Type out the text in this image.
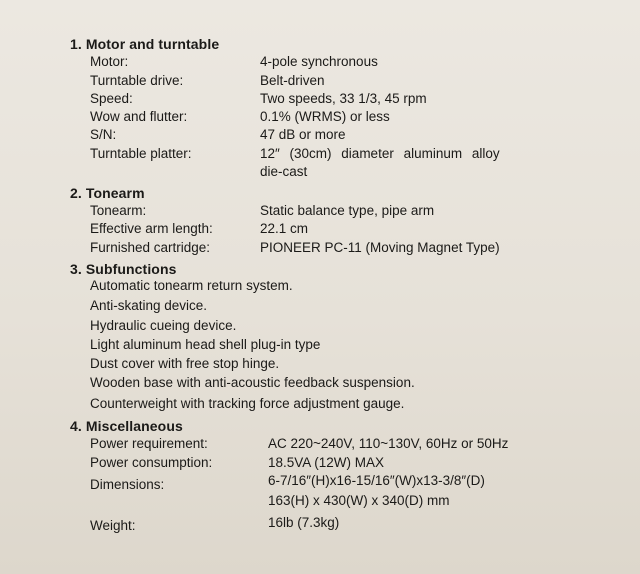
1. Motor and turntable
Motor:	4-pole synchronous
Turntable drive:	Belt-driven
Speed:	Two speeds, 33 1/3, 45 rpm
Wow and flutter:	0.1% (WRMS) or less
S/N:	47 dB or more
Turntable platter:	12″ (30cm) diameter aluminum alloy
die-cast
2. Tonearm
Tonearm:	Static balance type, pipe arm
Effective arm length:	22.1 cm
Furnished cartridge:	PIONEER PC-11 (Moving Magnet Type)
3. Subfunctions
Automatic tonearm return system.
Anti-skating device.
Hydraulic cueing device.
Light aluminum head shell plug-in type
Dust cover with free stop hinge.
Wooden base with anti-acoustic feedback suspension.
Counterweight with tracking force adjustment gauge.
4. Miscellaneous
Power requirement:	AC 220~240V, 110~130V, 60Hz or 50Hz
Power consumption:	18.5VA (12W) MAX
Dimensions:	6-7/16″(H)x16-15/16″(W)x13-3/8″(D)
163(H) x 430(W) x 340(D) mm
Weight:	16lb (7.3kg)
